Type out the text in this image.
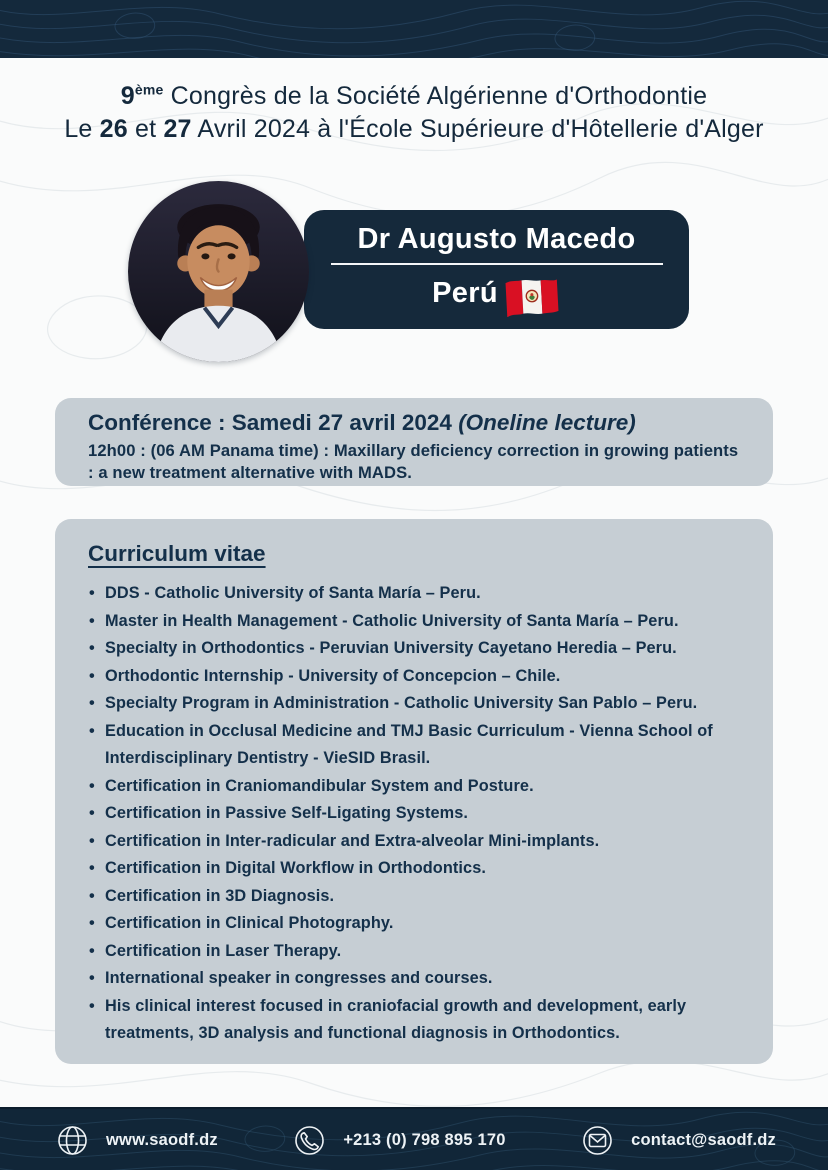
9ème Congrès de la Société Algérienne d'Orthodontie
Le 26 et 27 Avril 2024 à l'École Supérieure d'Hôtellerie d'Alger
Dr Augusto Macedo
Perú
Conférence : Samedi 27 avril 2024 (Oneline lecture)
12h00 : (06 AM Panama time) : Maxillary deficiency correction in growing patients : a new treatment alternative with MADS.
Curriculum vitae
• DDS - Catholic University of Santa María – Peru.
• Master in Health Management - Catholic University of Santa María – Peru.
• Specialty in Orthodontics - Peruvian University Cayetano Heredia – Peru.
• Orthodontic Internship - University of Concepcion – Chile.
• Specialty Program in Administration - Catholic University San Pablo – Peru.
• Education in Occlusal Medicine and TMJ Basic Curriculum - Vienna School of Interdisciplinary Dentistry - VieSID Brasil.
• Certification in Craniomandibular System and Posture.
• Certification in Passive Self-Ligating Systems.
• Certification in Inter-radicular and Extra-alveolar Mini-implants.
• Certification in Digital Workflow in Orthodontics.
• Certification in 3D Diagnosis.
• Certification in Clinical Photography.
• Certification in Laser Therapy.
• International speaker in congresses and courses.
• His clinical interest focused in craniofacial growth and development, early treatments, 3D analysis and functional diagnosis in Orthodontics.
www.saodf.dz	+213 (0) 798 895 170	contact@saodf.dz
